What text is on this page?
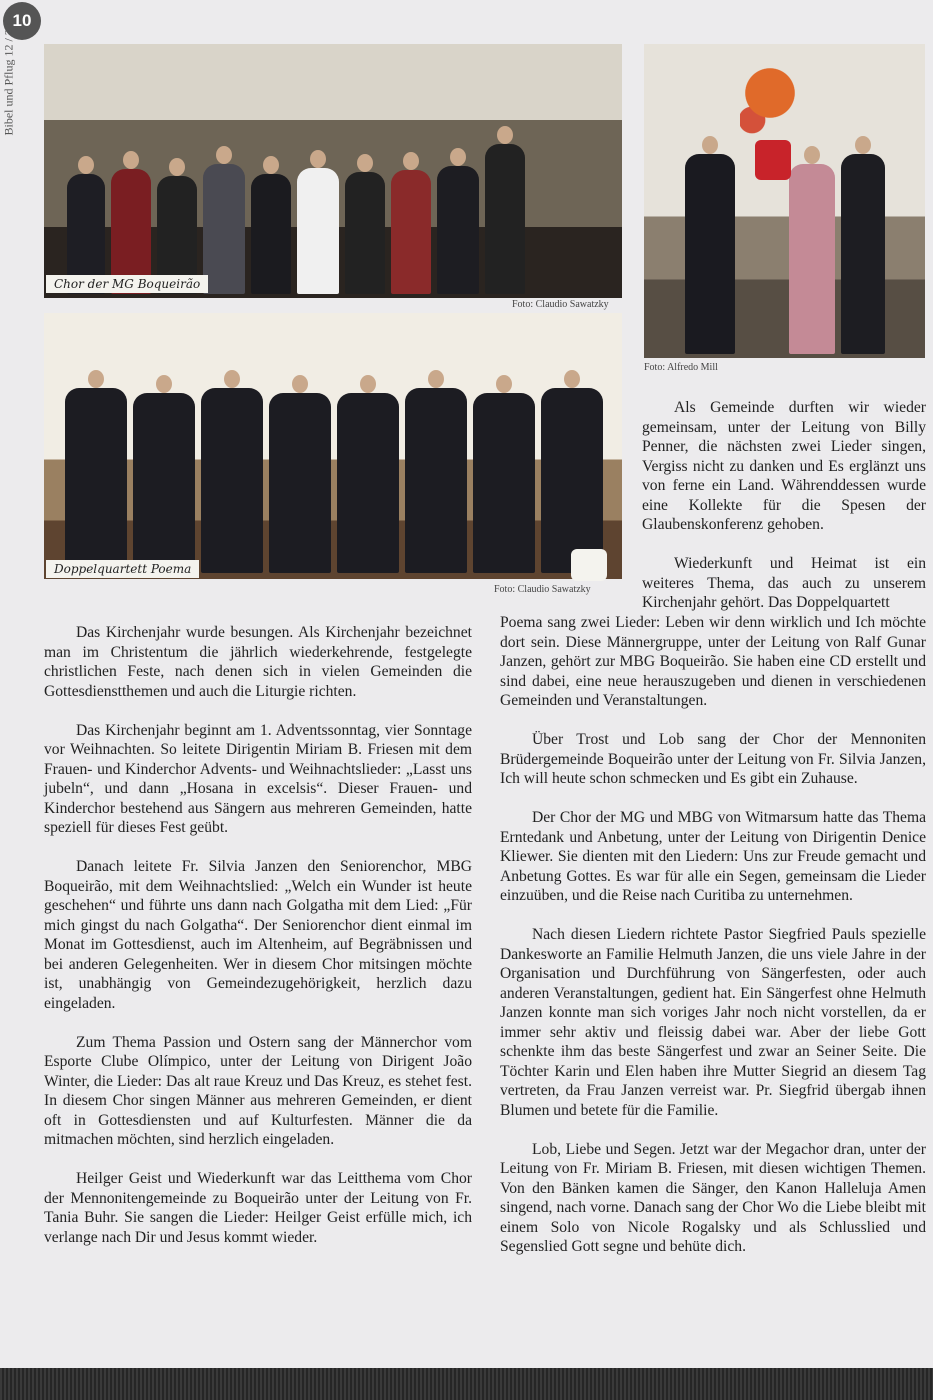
10
Bibel und Pflug 12 / 2014
Chor der MG Boqueirão
Foto: Claudio Sawatzky
Foto: Alfredo Mill
Doppelquartett Poema
Foto: Claudio Sawatzky

Das Kirchenjahr wurde besungen. Als Kirchenjahr bezeichnet man im Christentum die jährlich wiederkehrende, festgelegte christlichen Feste, nach denen sich in vielen Gemeinden die Gottesdienstthemen und auch die Liturgie richten.

Das Kirchenjahr beginnt am 1. Adventssonntag, vier Sonntage vor Weihnachten. So leitete Dirigentin Miriam B. Friesen mit dem Frauen- und Kinderchor Advents- und Weihnachtslieder: „Lasst uns jubeln“, und dann „Hosana in excelsis“. Dieser Frauen- und Kinderchor bestehend aus Sängern aus mehreren Gemeinden, hatte speziell für dieses Fest geübt.

Danach leitete Fr. Silvia Janzen den Seniorenchor, MBG Boqueirão, mit dem Weihnachtslied: „Welch ein Wunder ist heute geschehen“ und führte uns dann nach Golgatha mit dem Lied: „Für mich gingst du nach Golgatha“. Der Seniorenchor dient einmal im Monat im Gottesdienst, auch im Altenheim, auf Begräbnissen und bei anderen Gelegenheiten. Wer in diesem Chor mitsingen möchte ist, unabhängig von Gemeindezugehörigkeit, herzlich dazu eingeladen.

Zum Thema Passion und Ostern sang der Männerchor vom Esporte Clube Olímpico, unter der Leitung von Dirigent João Winter, die Lieder: Das alt raue Kreuz und Das Kreuz, es stehet fest. In diesem Chor singen Männer aus mehreren Gemeinden, er dient oft in Gottesdiensten und auf Kulturfesten. Männer die da mitmachen möchten, sind herzlich eingeladen.

Heilger Geist und Wiederkunft war das Leitthema vom Chor der Mennonitengemeinde zu Boqueirão unter der Leitung von Fr. Tania Buhr. Sie sangen die Lieder: Heilger Geist erfülle mich, ich verlange nach Dir und Jesus kommt wieder.

Als Gemeinde durften wir wieder gemeinsam, unter der Leitung von Billy Penner, die nächsten zwei Lieder singen, Vergiss nicht zu danken und Es erglänzt uns von ferne ein Land. Währenddessen wurde eine Kollekte für die Spesen der Glaubenskonferenz gehoben.

Wiederkunft und Heimat ist ein weiteres Thema, das auch zu unserem Kirchenjahr gehört. Das Doppelquartett

Poema sang zwei Lieder: Leben wir denn wirklich und Ich möchte dort sein. Diese Männergruppe, unter der Leitung von Ralf Gunar Janzen, gehört zur MBG Boqueirão. Sie haben eine CD erstellt und sind dabei, eine neue herauszugeben und dienen in verschiedenen Gemeinden und Veranstaltungen.

Über Trost und Lob sang der Chor der Mennoniten Brüdergemeinde Boqueirão unter der Leitung von Fr. Silvia Janzen, Ich will heute schon schmecken und Es gibt ein Zuhause.

Der Chor der MG und MBG von Witmarsum hatte das Thema Erntedank und Anbetung, unter der Leitung von Dirigentin Denice Kliewer. Sie dienten mit den Liedern: Uns zur Freude gemacht und Anbetung Gottes. Es war für alle ein Segen, gemeinsam die Lieder einzuüben, und die Reise nach Curitiba zu unternehmen.

Nach diesen Liedern richtete Pastor Siegfried Pauls spezielle Dankesworte an Familie Helmuth Janzen, die uns viele Jahre in der Organisation und Durchführung von Sängerfesten, oder auch anderen Veranstaltungen, gedient hat. Ein Sängerfest ohne Helmuth Janzen konnte man sich voriges Jahr noch nicht vorstellen, da er immer sehr aktiv und fleissig dabei war. Aber der liebe Gott schenkte ihm das beste Sängerfest und zwar an Seiner Seite. Die Töchter Karin und Elen haben ihre Mutter Siegrid an diesem Tag vertreten, da Frau Janzen verreist war. Pr. Siegfrid übergab ihnen Blumen und betete für die Familie.

Lob, Liebe und Segen. Jetzt war der Megachor dran, unter der Leitung von Fr. Miriam B. Friesen, mit diesen wichtigen Themen. Von den Bänken kamen die Sänger, den Kanon Halleluja Amen singend, nach vorne. Danach sang der Chor Wo die Liebe bleibt mit einem Solo von Nicole Rogalsky und als Schlusslied und Segenslied Gott segne und behüte dich.
